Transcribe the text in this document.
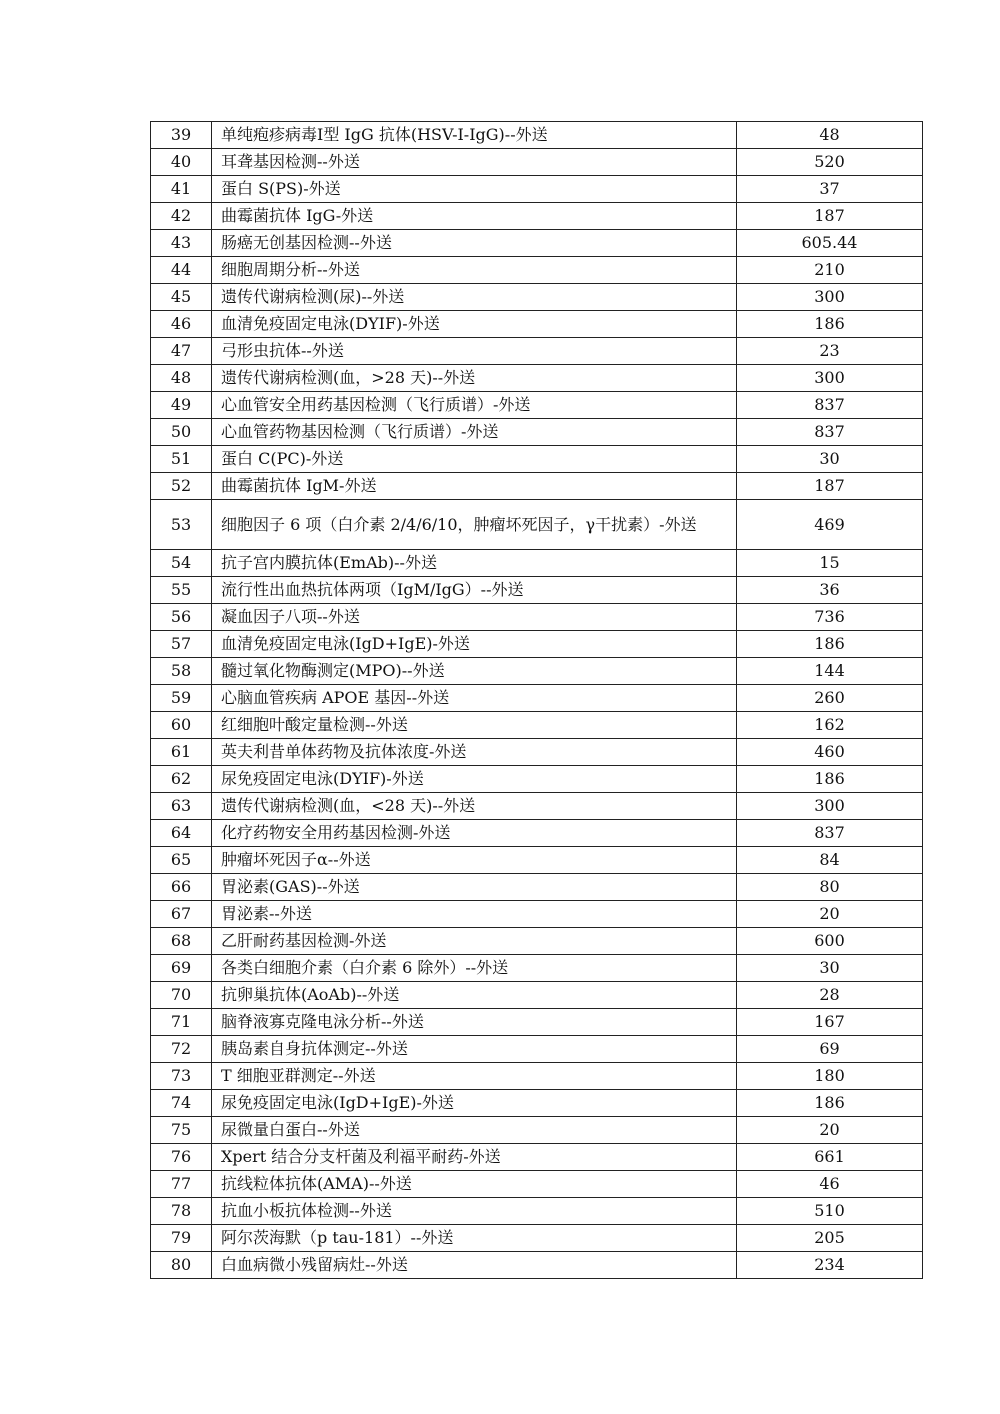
39	单纯疱疹病毒Ⅰ型 IgG 抗体(HSV-Ⅰ-IgG)--外送	48
40	耳聋基因检测--外送	520
41	蛋白 S(PS)-外送	37
42	曲霉菌抗体 IgG-外送	187
43	肠癌无创基因检测--外送	605.44
44	细胞周期分析--外送	210
45	遗传代谢病检测(尿)--外送	300
46	血清免疫固定电泳(DYIF)-外送	186
47	弓形虫抗体--外送	23
48	遗传代谢病检测(血，>28 天)--外送	300
49	心血管安全用药基因检测（飞行质谱）-外送	837
50	心血管药物基因检测（飞行质谱）-外送	837
51	蛋白 C(PC)-外送	30
52	曲霉菌抗体 IgM-外送	187
53	细胞因子 6 项（白介素 2/4/6/10，肿瘤坏死因子，γ干扰素）-外送	469
54	抗子宫内膜抗体(EmAb)--外送	15
55	流行性出血热抗体两项（IgM/IgG）--外送	36
56	凝血因子八项--外送	736
57	血清免疫固定电泳(IgD+IgE)-外送	186
58	髓过氧化物酶测定(MPO)--外送	144
59	心脑血管疾病 APOE 基因--外送	260
60	红细胞叶酸定量检测--外送	162
61	英夫利昔单体药物及抗体浓度-外送	460
62	尿免疫固定电泳(DYIF)-外送	186
63	遗传代谢病检测(血，<28 天)--外送	300
64	化疗药物安全用药基因检测-外送	837
65	肿瘤坏死因子α--外送	84
66	胃泌素(GAS)--外送	80
67	胃泌素--外送	20
68	乙肝耐药基因检测-外送	600
69	各类白细胞介素（白介素 6 除外）--外送	30
70	抗卵巢抗体(AoAb)--外送	28
71	脑脊液寡克隆电泳分析--外送	167
72	胰岛素自身抗体测定--外送	69
73	T 细胞亚群测定--外送	180
74	尿免疫固定电泳(IgD+IgE)-外送	186
75	尿微量白蛋白--外送	20
76	Xpert 结合分支杆菌及利福平耐药-外送	661
77	抗线粒体抗体(AMA)--外送	46
78	抗血小板抗体检测--外送	510
79	阿尔茨海默（p tau-181）--外送	205
80	白血病微小残留病灶--外送	234
